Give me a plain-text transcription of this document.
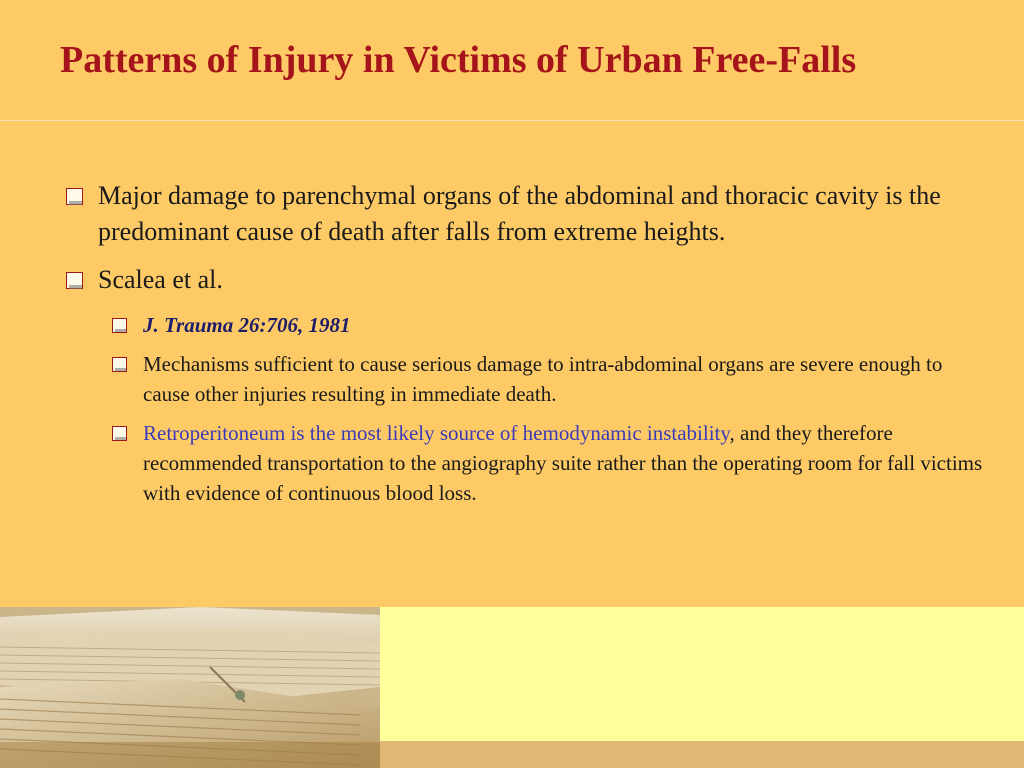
Patterns of Injury in Victims of Urban Free-Falls
Major damage to parenchymal organs of the abdominal and thoracic cavity is the predominant cause of death after falls from extreme heights.
Scalea et al.
J. Trauma 26:706, 1981
Mechanisms sufficient to cause serious damage to intra-abdominal organs are severe enough to cause other injuries resulting in immediate death.
Retroperitoneum is the most likely source of hemodynamic instability, and they therefore recommended transportation to the angiography suite rather than the operating room for fall victims with evidence of continuous blood loss.
